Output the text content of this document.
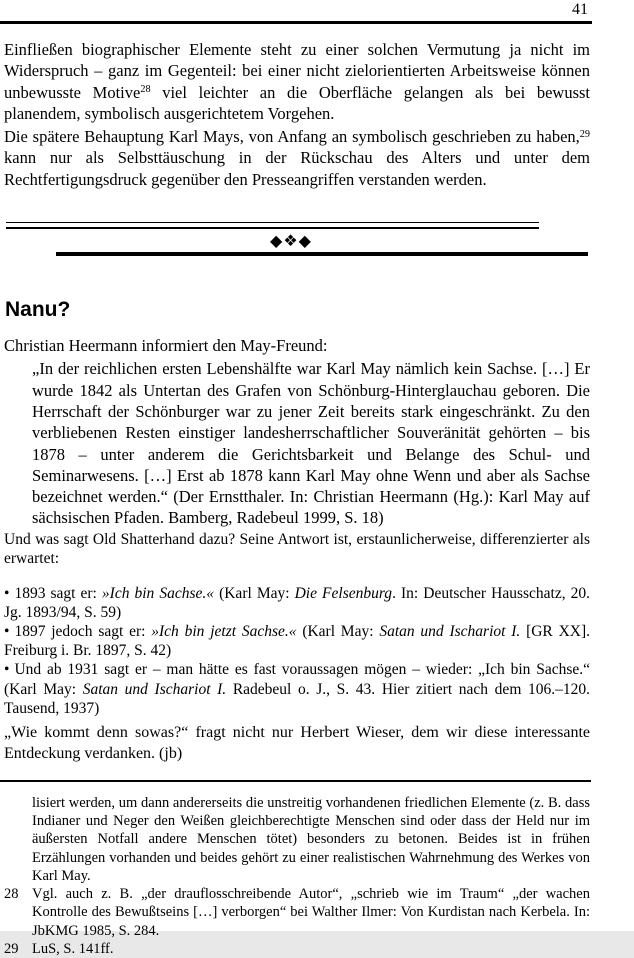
41

Einfließen biographischer Elemente steht zu einer solchen Vermutung ja nicht im Widerspruch – ganz im Gegenteil: bei einer nicht zielorientierten Arbeitsweise können unbewusste Motive$^{28}$ viel leichter an die Oberfläche gelangen als bei bewusst planendem, symbolisch ausgerichtetem Vorgehen.

Die spätere Behauptung Karl Mays, von Anfang an symbolisch geschrieben zu haben,$^{29}$ kann nur als Selbsttäuschung in der Rückschau des Alters und unter dem Rechtfertigungsdruck gegenüber den Presseangriffen verstanden werden.

◆❖◆
Nanu?

Christian Heermann informiert den May-Freund:

„In der reichlichen ersten Lebenshälfte war Karl May nämlich kein Sachse. […] Er wurde 1842 als Untertan des Grafen von Schönburg-Hinterglauchau geboren. Die Herrschaft der Schönburger war zu jener Zeit bereits stark eingeschränkt. Zu den verbliebenen Resten einstiger landesherrschaftlicher Souveränität gehörten – bis 1878 – unter anderem die Gerichtsbarkeit und Belange des Schul- und Seminarwesens. […] Erst ab 1878 kann Karl May ohne Wenn und aber als Sachse bezeichnet werden.“ (Der Ernstthaler. In: Christian Heermann (Hg.): Karl May auf sächsischen Pfaden. Bamberg, Radebeul 1999, S. 18)

Und was sagt Old Shatterhand dazu? Seine Antwort ist, erstaunlicherweise, differenzierter als erwartet:

• 1893 sagt er: »Ich bin Sachse.« (Karl May: Die Felsenburg. In: Deutscher Hausschatz, 20. Jg. 1893/94, S. 59)

• 1897 jedoch sagt er: »Ich bin jetzt Sachse.« (Karl May: Satan und Ischariot I. [GR XX]. Freiburg i. Br. 1897, S. 42)

• Und ab 1931 sagt er – man hätte es fast voraussagen mögen – wieder: „Ich bin Sachse.“ (Karl May: Satan und Ischariot I. Radebeul o. J., S. 43. Hier zitiert nach dem 106.–120. Tausend, 1937)

„Wie kommt denn sowas?“ fragt nicht nur Herbert Wieser, dem wir diese interessante Entdeckung verdanken. (jb)

lisiert werden, um dann andererseits die unstreitig vorhandenen friedlichen Elemente (z. B. dass Indianer und Neger den Weißen gleichberechtigte Menschen sind oder dass der Held nur im äußersten Notfall andere Menschen tötet) besonders zu betonen. Beides ist in frühen Erzählungen vorhanden und beides gehört zu einer realistischen Wahrnehmung des Werkes von Karl May.

28 Vgl. auch z. B. „der drauflosschreibende Autor“, „schrieb wie im Traum“ „der wachen Kontrolle des Bewußtseins […] verborgen“ bei Walther Ilmer: Von Kurdistan nach Kerbela. In: JbKMG 1985, S. 284.

29 LuS, S. 141ff.
